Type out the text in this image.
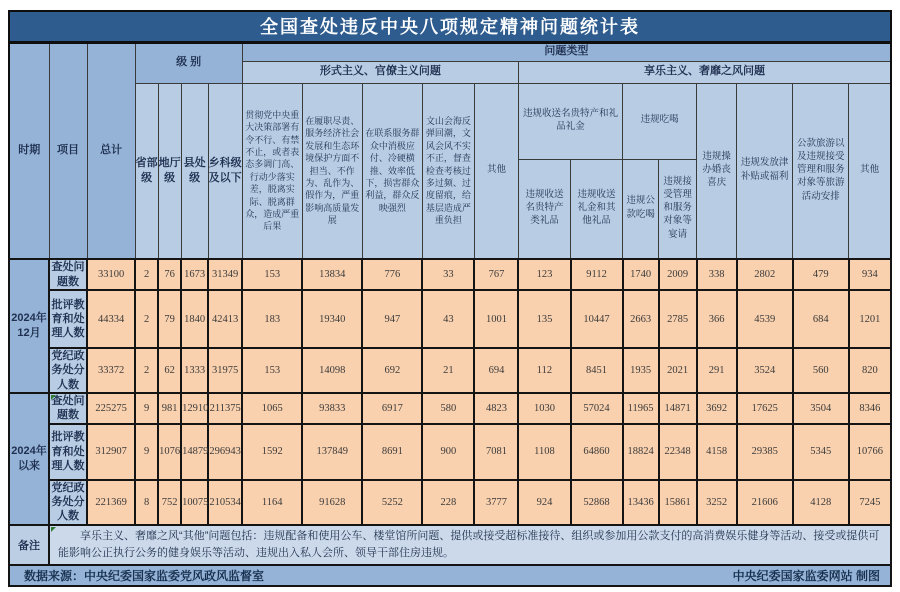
全国查处违反中央八项规定精神问题统计表
时期	项目	总计	级 别				问题类型												
							形式主义、官僚主义问题					享乐主义、奢靡之风问题							
			省部级	地厅级	县处级	乡科级及以下	贯彻党中央重大决策部署有令不行、有禁不止，或者表态多调门高、行动少落实差，脱离实际、脱离群众，造成严重后果	在履职尽责、服务经济社会发展和生态环境保护方面不担当、不作为、乱作为、假作为，严重影响高质量发展	在联系服务群众中消极应付、冷硬横推、效率低下，损害群众利益，群众反映强烈	文山会海反弹回潮，文风会风不实不正，督查检查考核过多过频、过度留痕，给基层造成严重负担	其他	违规收送名贵特产和礼品礼金		违规吃喝		违规操办婚丧喜庆	违规发放津补贴或福利	公款旅游以及违规接受管理和服务对象等旅游活动安排	其他
												违规收送名贵特产类礼品	违规收送礼金和其他礼品	违规公款吃喝	违规接受管理和服务对象等宴请				
2024年12月	查处问题数	33100	2	76	1673	31349	153	13834	776	33	767	123	9112	1740	2009	338	2802	479	934
	批评教育和处理人数	44334	2	79	1840	42413	183	19340	947	43	1001	135	10447	2663	2785	366	4539	684	1201
	党纪政务处分人数	33372	2	62	1333	31975	153	14098	692	21	694	112	8451	1935	2021	291	3524	560	820
2024年以来	查处问题数	225275	9	981	12910	211375	1065	93833	6917	580	4823	1030	57024	11965	14871	3692	17625	3504	8346
	批评教育和处理人数	312907	9	1076	14879	296943	1592	137849	8691	900	7081	1108	64860	18824	22348	4158	29385	5345	10766
	党纪政务处分人数	221369	8	752	10075	210534	1164	91628	5252	228	3777	924	52868	13436	15861	3252	21606	4128	7245
备注	享乐主义、奢靡之风“其他”问题包括：违规配备和使用公车、楼堂馆所问题、提供或接受超标准接待、组织或参加用公款支付的高消费娱乐健身等活动、接受或提供可能影响公正执行公务的健身娱乐等活动、违规出入私人会所、领导干部住房违规。																		

数据来源：中央纪委国家监委党风政风监督室 中央纪委国家监委网站 制图																			
